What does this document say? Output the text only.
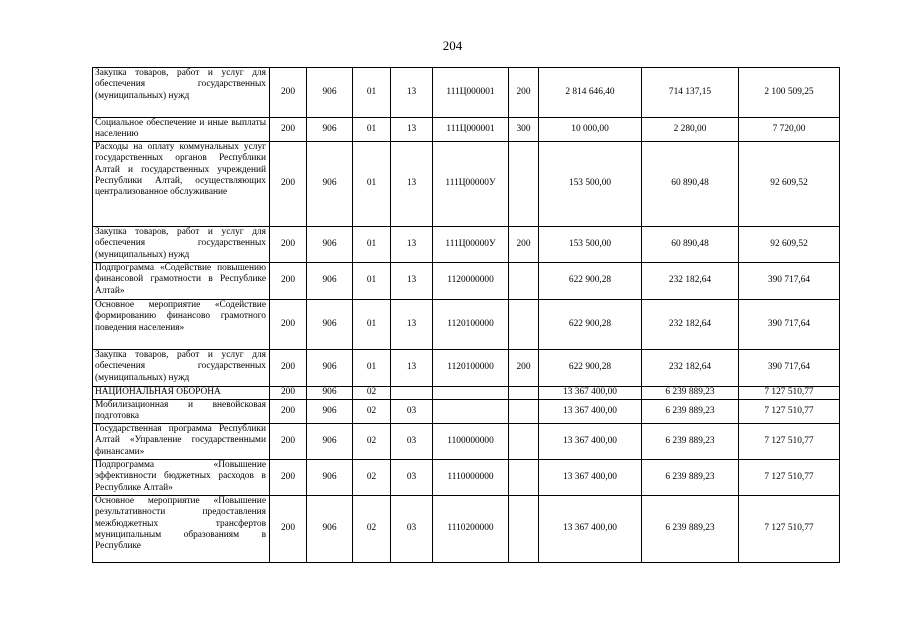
204
Закупка товаров, работ и услуг для обеспечения государственных (муниципальных) нужд	200	906	01	13	111Ц000001	200	2 814 646,40	714 137,15	2 100 509,25
Социальное обеспечение и иные выплаты населению	200	906	01	13	111Ц000001	300	10 000,00	2 280,00	7 720,00
Расходы на оплату коммунальных услуг государственных органов Республики Алтай и государственных учреждений Республики Алтай, осуществляющих централизованное обслуживание	200	906	01	13	111Ц00000У		153 500,00	60 890,48	92 609,52
Закупка товаров, работ и услуг для обеспечения государственных (муниципальных) нужд	200	906	01	13	111Ц00000У	200	153 500,00	60 890,48	92 609,52
Подпрограмма «Содействие повышению финансовой грамотности в Республике Алтай»	200	906	01	13	1120000000		622 900,28	232 182,64	390 717,64
Основное мероприятие «Содействие формированию финансово грамотного поведения населения»	200	906	01	13	1120100000		622 900,28	232 182,64	390 717,64
Закупка товаров, работ и услуг для обеспечения государственных (муниципальных) нужд	200	906	01	13	1120100000	200	622 900,28	232 182,64	390 717,64
НАЦИОНАЛЬНАЯ ОБОРОНА	200	906	02				13 367 400,00	6 239 889,23	7 127 510,77
Мобилизационная и вневойсковая подготовка	200	906	02	03			13 367 400,00	6 239 889,23	7 127 510,77
Государственная программа Республики Алтай «Управление государственными финансами»	200	906	02	03	1100000000		13 367 400,00	6 239 889,23	7 127 510,77
Подпрограмма «Повышение эффективности бюджетных расходов в Республике Алтай»	200	906	02	03	1110000000		13 367 400,00	6 239 889,23	7 127 510,77
Основное мероприятие «Повышение результативности предоставления межбюджетных трансфертов муниципальным образованиям в Республике	200	906	02	03	1110200000		13 367 400,00	6 239 889,23	7 127 510,77
